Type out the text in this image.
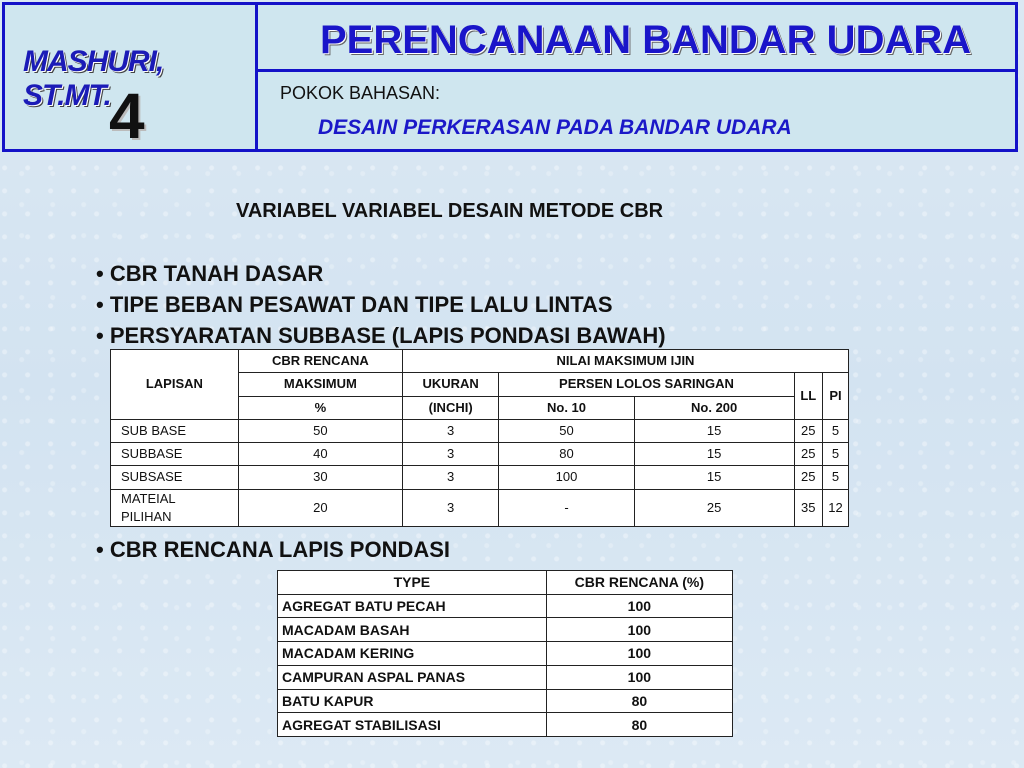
MASHURI, ST.MT.
4
PERENCANAAN BANDAR UDARA
POKOK BAHASAN:
DESAIN PERKERASAN PADA BANDAR UDARA
VARIABEL VARIABEL DESAIN METODE CBR
• CBR TANAH DASAR
• TIPE BEBAN PESAWAT DAN TIPE LALU LINTAS
• PERSYARATAN SUBBASE (LAPIS PONDASI BAWAH)
LAPISAN	CBR RENCANA	NILAI MAKSIMUM IJIN				
	MAKSIMUM	UKURAN	PERSEN LOLOS SARINGAN		LL	PI
	%	(INCHI)	No. 10	No. 200		
SUB BASE	50	3	50	15	25	5
SUBBASE	40	3	80	15	25	5
SUBSASE	30	3	100	15	25	5

MATEIAL
PILIHAN	20	3	-	25	35	12
• CBR RENCANA LAPIS PONDASI
TYPE	CBR RENCANA (%)
AGREGAT BATU PECAH	100
MACADAM BASAH	100
MACADAM KERING	100
CAMPURAN ASPAL PANAS	100
BATU KAPUR	80
AGREGAT STABILISASI	80
